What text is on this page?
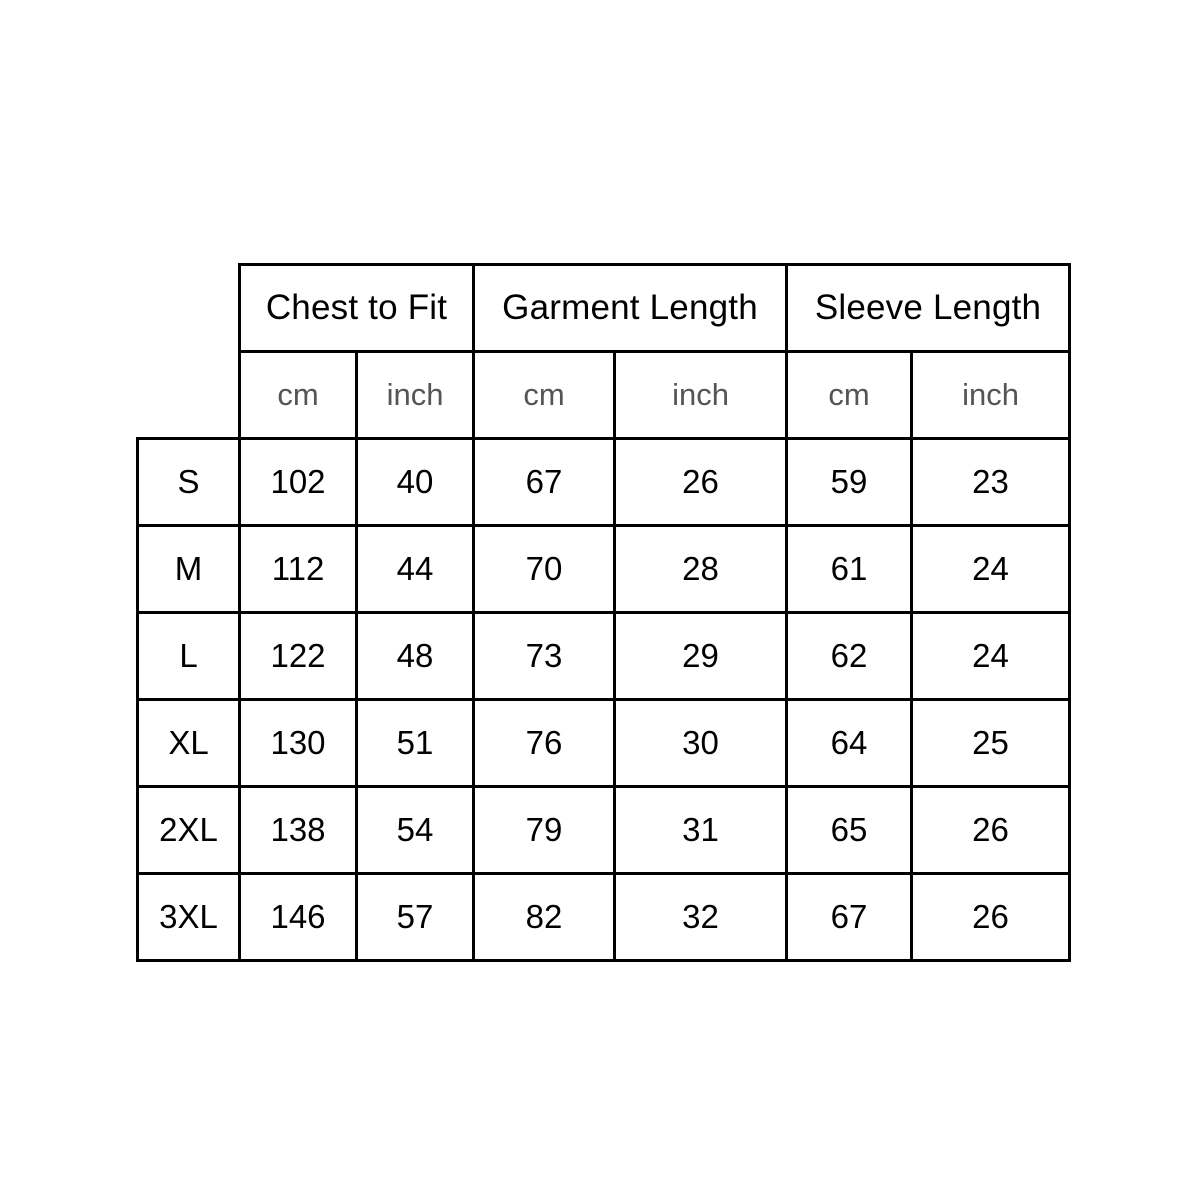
	Chest to Fit		Garment Length		Sleeve Length	
	cm	inch	cm	inch	cm	inch
S	102	40	67	26	59	23
M	112	44	70	28	61	24
L	122	48	73	29	62	24
XL	130	51	76	30	64	25
2XL	138	54	79	31	65	26
3XL	146	57	82	32	67	26
